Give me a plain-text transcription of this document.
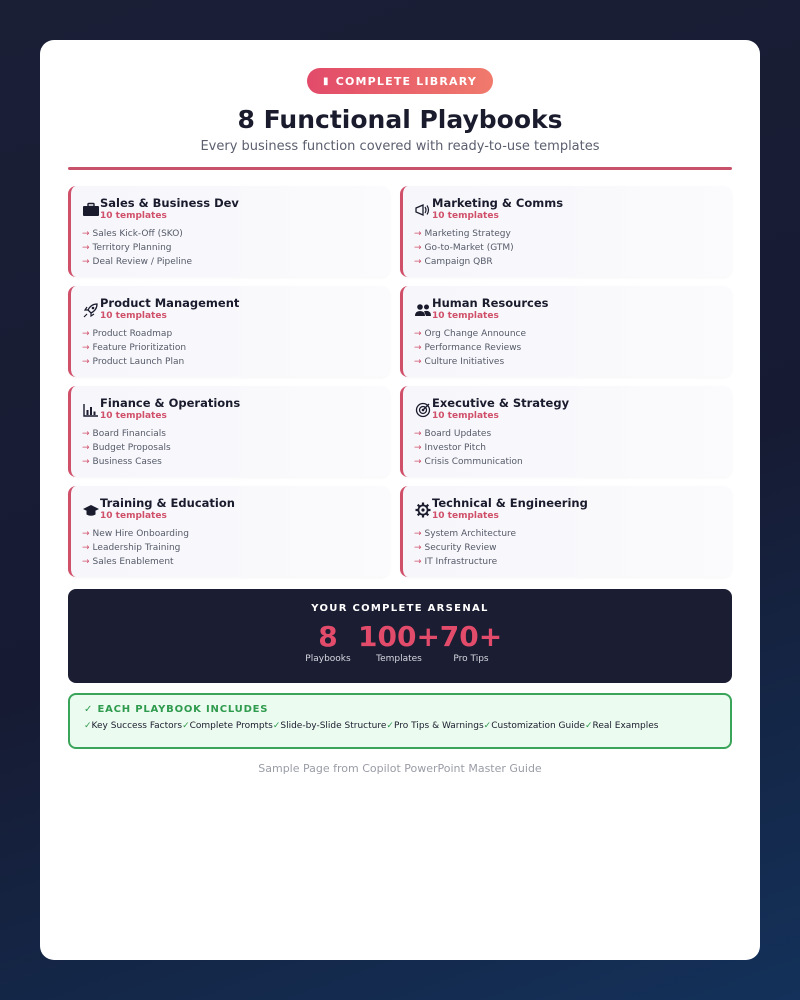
▮ COMPLETE LIBRARY
8 Functional Playbooks
Every business function covered with ready-to-use templates
Sales & Business Dev
10 templates
→ Sales Kick-Off (SKO)
→ Territory Planning
→ Deal Review / Pipeline
Marketing & Comms
10 templates
→ Marketing Strategy
→ Go-to-Market (GTM)
→ Campaign QBR
Product Management
10 templates
→ Product Roadmap
→ Feature Prioritization
→ Product Launch Plan
Human Resources
10 templates
→ Org Change Announce
→ Performance Reviews
→ Culture Initiatives
Finance & Operations
10 templates
→ Board Financials
→ Budget Proposals
→ Business Cases
Executive & Strategy
10 templates
→ Board Updates
→ Investor Pitch
→ Crisis Communication
Training & Education
10 templates
→ New Hire Onboarding
→ Leadership Training
→ Sales Enablement
Technical & Engineering
10 templates
→ System Architecture
→ Security Review
→ IT Infrastructure
YOUR COMPLETE ARSENAL
8
Playbooks
100+
Templates
70+
Pro Tips
✓ EACH PLAYBOOK INCLUDES
✓Key Success Factors ✓Complete Prompts ✓Slide-by-Slide Structure ✓Pro Tips & Warnings ✓Customization Guide ✓Real Examples
Sample Page from Copilot PowerPoint Master Guide
